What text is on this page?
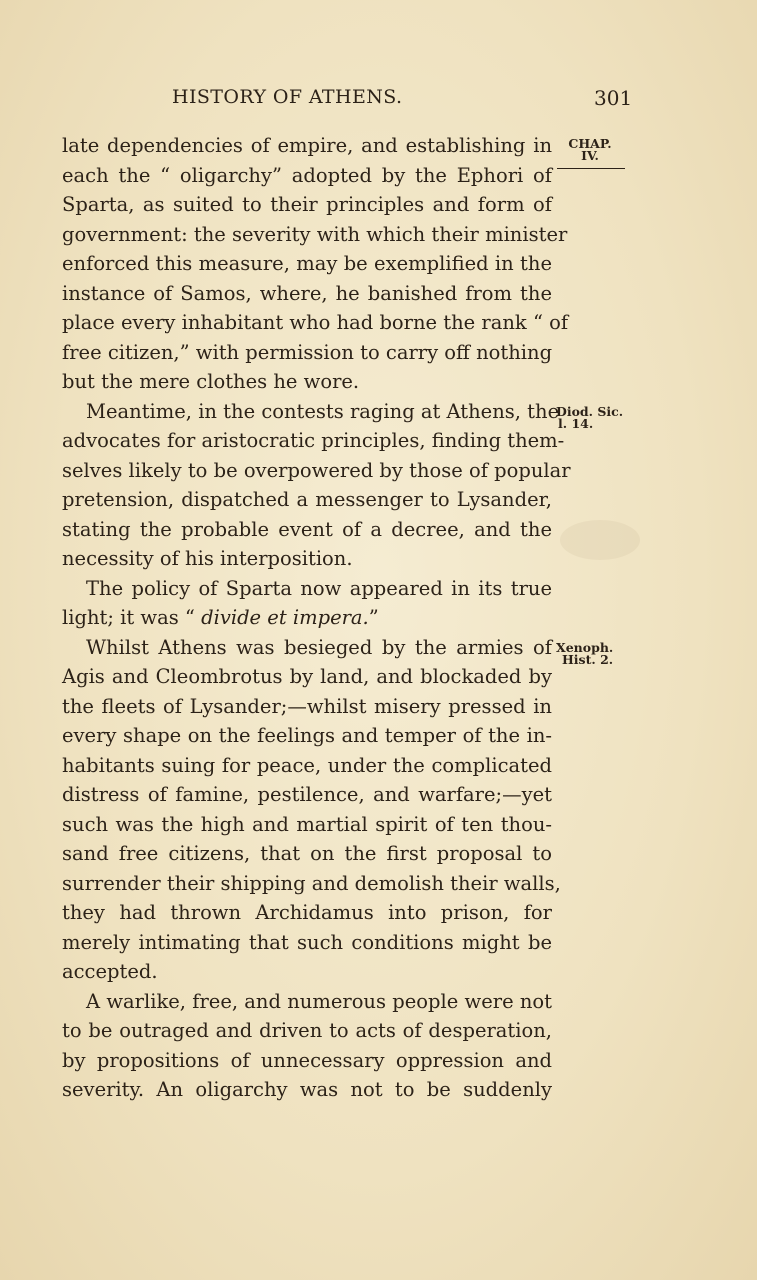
HISTORY OF ATHENS.	301
CHAP.
IV.
Diod. Sic.
l. 14.
Xenoph.
Hist. 2.
late dependencies of empire, and establishing in
each the “ oligarchy” adopted by the Ephori of
Sparta, as suited to their principles and form of
government: the severity with which their minister
enforced this measure, may be exemplified in the
instance of Samos, where, he banished from the
place every inhabitant who had borne the rank “ of
free citizen,” with permission to carry off nothing
but the mere clothes he wore.
Meantime, in the contests raging at Athens, the
advocates for aristocratic principles, finding them-
selves likely to be overpowered by those of popular
pretension, dispatched a messenger to Lysander,
stating the probable event of a decree, and the
necessity of his interposition.
The policy of Sparta now appeared in its true
light; it was “ divide et impera.”
Whilst Athens was besieged by the armies of
Agis and Cleombrotus by land, and blockaded by
the fleets of Lysander;—whilst misery pressed in
every shape on the feelings and temper of the in-
habitants suing for peace, under the complicated
distress of famine, pestilence, and warfare;—yet
such was the high and martial spirit of ten thou-
sand free citizens, that on the first proposal to
surrender their shipping and demolish their walls,
they had thrown Archidamus into prison, for
merely intimating that such conditions might be
accepted.
A warlike, free, and numerous people were not
to be outraged and driven to acts of desperation,
by propositions of unnecessary oppression and
severity. An oligarchy was not to be suddenly
